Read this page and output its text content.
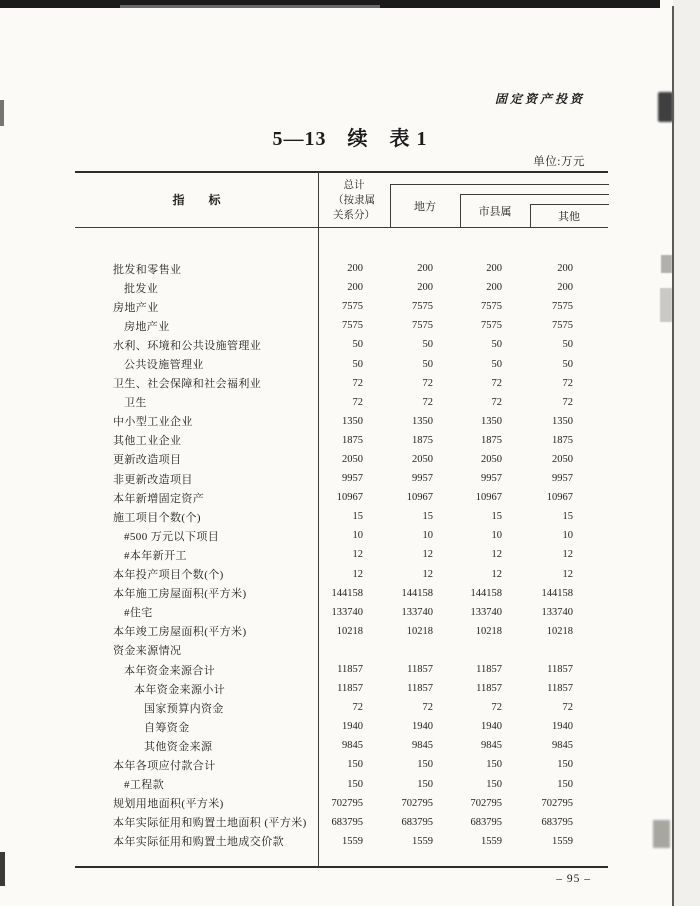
固定资产投资
5—13　续　表 1
单位:万元
指　　标
总计
（按隶属
关系分）
地方	市县属	其他
批发和零售业	200	200	200	200
批发业	200	200	200	200
房地产业	7575	7575	7575	7575
房地产业	7575	7575	7575	7575
水利、环境和公共设施管理业	50	50	50	50
公共设施管理业	50	50	50	50
卫生、社会保障和社会福利业	72	72	72	72
卫生	72	72	72	72
中小型工业企业	1350	1350	1350	1350
其他工业企业	1875	1875	1875	1875
更新改造项目	2050	2050	2050	2050
非更新改造项目	9957	9957	9957	9957
本年新增固定资产	10967	10967	10967	10967
施工项目个数(个)	15	15	15	15
#500 万元以下项目	10	10	10	10
#本年新开工	12	12	12	12
本年投产项目个数(个)	12	12	12	12
本年施工房屋面积(平方米)	144158	144158	144158	144158
#住宅	133740	133740	133740	133740
本年竣工房屋面积(平方米)	10218	10218	10218	10218
资金来源情况
本年资金来源合计	11857	11857	11857	11857
本年资金来源小计	11857	11857	11857	11857
国家预算内资金	72	72	72	72
自筹资金	1940	1940	1940	1940
其他资金来源	9845	9845	9845	9845
本年各项应付款合计	150	150	150	150
#工程款	150	150	150	150
规划用地面积(平方米)	702795	702795	702795	702795
本年实际征用和购置土地面积 (平方米)	683795	683795	683795	683795
本年实际征用和购置土地成交价款	1559	1559	1559	1559
– 95 –
